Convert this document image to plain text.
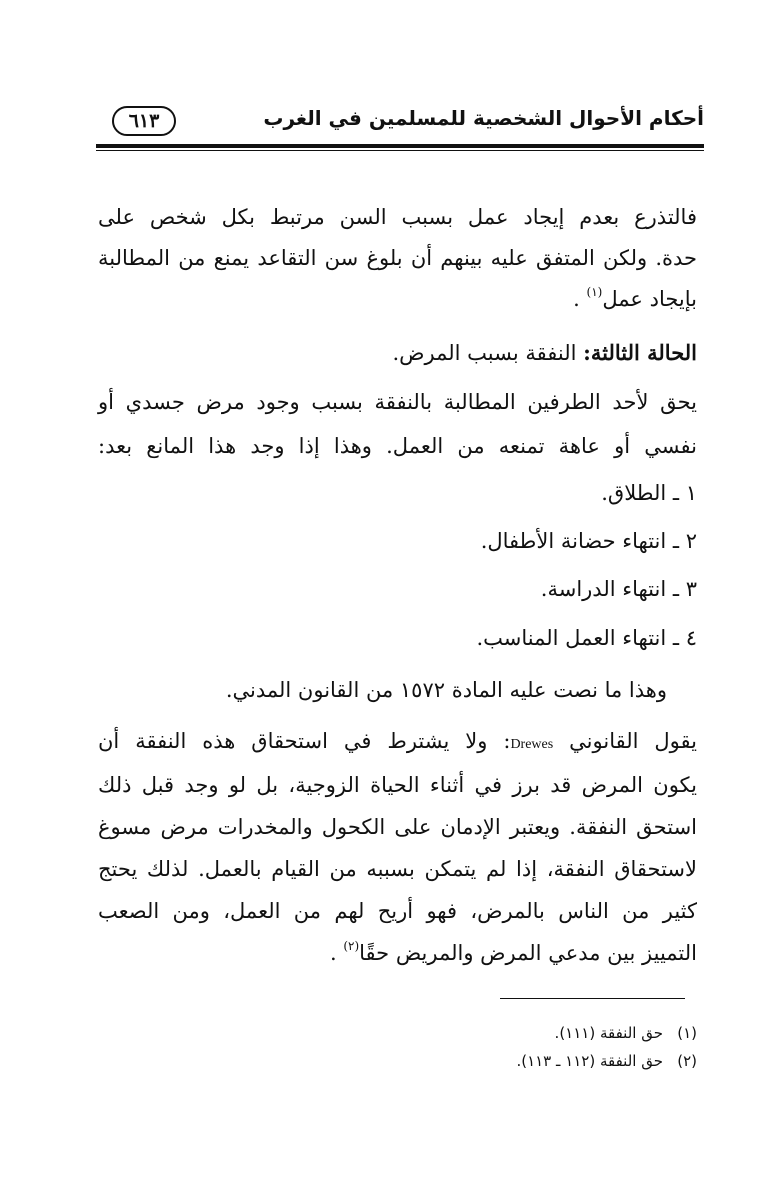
أحكام الأحوال الشخصية للمسلمين في الغرب
٦١٣
فالتذرع بعدم إيجاد عمل بسبب السن مرتبط بكل شخص على
حدة. ولكن المتفق عليه بينهم أن بلوغ سن التقاعد يمنع من المطالبة
بإيجاد عمل$^{(١)}$ .
الحالة الثالثة: النفقة بسبب المرض.
يحق لأحد الطرفين المطالبة بالنفقة بسبب وجود مرض جسدي أو
نفسي أو عاهة تمنعه من العمل. وهذا إذا وجد هذا المانع بعد:
١ ـ الطلاق.
٢ ـ انتهاء حضانة الأطفال.
٣ ـ انتهاء الدراسة.
٤ ـ انتهاء العمل المناسب.
وهذا ما نصت عليه المادة ١٥٧٢ من القانون المدني.
يقول القانوني Drewes: ولا يشترط في استحقاق هذه النفقة أن
يكون المرض قد برز في أثناء الحياة الزوجية، بل لو وجد قبل ذلك
استحق النفقة. ويعتبر الإدمان على الكحول والمخدرات مرض مسوغ
لاستحقاق النفقة، إذا لم يتمكن بسببه من القيام بالعمل. لذلك يحتج
كثير من الناس بالمرض، فهو أريح لهم من العمل، ومن الصعب
التمييز بين مدعي المرض والمريض حقًا$^{(٢)}$ .
(١)حق النفقة (١١١).
(٢)حق النفقة (١١٢ ـ ١١٣).
